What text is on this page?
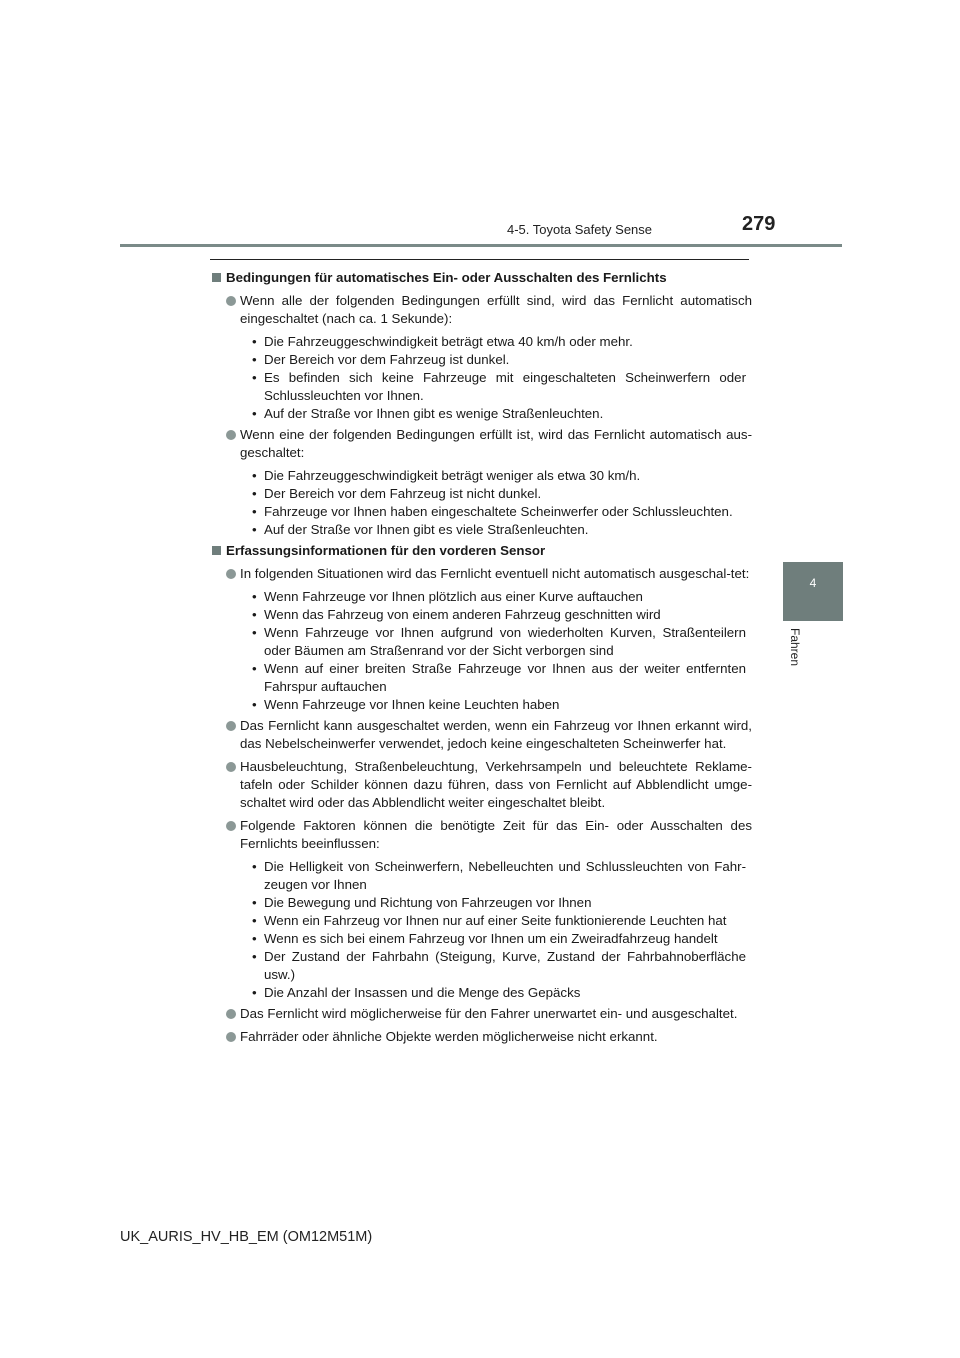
4-5. Toyota Safety Sense	279
4
Fahren
Bedingungen für automatisches Ein- oder Ausschalten des Fernlichts
Wenn alle der folgenden Bedingungen erfüllt sind, wird das Fernlicht automatisch eingeschaltet (nach ca. 1 Sekunde):
• Die Fahrzeuggeschwindigkeit beträgt etwa 40 km/h oder mehr.
• Der Bereich vor dem Fahrzeug ist dunkel.
• Es befinden sich keine Fahrzeuge mit eingeschalteten Scheinwerfern oder Schlussleuchten vor Ihnen.
• Auf der Straße vor Ihnen gibt es wenige Straßenleuchten.
Wenn eine der folgenden Bedingungen erfüllt ist, wird das Fernlicht automatisch aus-geschaltet:
• Die Fahrzeuggeschwindigkeit beträgt weniger als etwa 30 km/h.
• Der Bereich vor dem Fahrzeug ist nicht dunkel.
• Fahrzeuge vor Ihnen haben eingeschaltete Scheinwerfer oder Schlussleuchten.
• Auf der Straße vor Ihnen gibt es viele Straßenleuchten.
Erfassungsinformationen für den vorderen Sensor
In folgenden Situationen wird das Fernlicht eventuell nicht automatisch ausgeschal-tet:
• Wenn Fahrzeuge vor Ihnen plötzlich aus einer Kurve auftauchen
• Wenn das Fahrzeug von einem anderen Fahrzeug geschnitten wird
• Wenn Fahrzeuge vor Ihnen aufgrund von wiederholten Kurven, Straßenteilern oder Bäumen am Straßenrand vor der Sicht verborgen sind
• Wenn auf einer breiten Straße Fahrzeuge vor Ihnen aus der weiter entfernten Fahrspur auftauchen
• Wenn Fahrzeuge vor Ihnen keine Leuchten haben
Das Fernlicht kann ausgeschaltet werden, wenn ein Fahrzeug vor Ihnen erkannt wird, das Nebelscheinwerfer verwendet, jedoch keine eingeschalteten Scheinwerfer hat.
Hausbeleuchtung, Straßenbeleuchtung, Verkehrsampeln und beleuchtete Reklame-tafeln oder Schilder können dazu führen, dass von Fernlicht auf Abblendlicht umge-schaltet wird oder das Abblendlicht weiter eingeschaltet bleibt.
Folgende Faktoren können die benötigte Zeit für das Ein- oder Ausschalten des Fernlichts beeinflussen:
• Die Helligkeit von Scheinwerfern, Nebelleuchten und Schlussleuchten von Fahr-zeugen vor Ihnen
• Die Bewegung und Richtung von Fahrzeugen vor Ihnen
• Wenn ein Fahrzeug vor Ihnen nur auf einer Seite funktionierende Leuchten hat
• Wenn es sich bei einem Fahrzeug vor Ihnen um ein Zweiradfahrzeug handelt
• Der Zustand der Fahrbahn (Steigung, Kurve, Zustand der Fahrbahnoberfläche usw.)
• Die Anzahl der Insassen und die Menge des Gepäcks
Das Fernlicht wird möglicherweise für den Fahrer unerwartet ein- und ausgeschaltet.
Fahrräder oder ähnliche Objekte werden möglicherweise nicht erkannt.
UK_AURIS_HV_HB_EM (OM12M51M)
